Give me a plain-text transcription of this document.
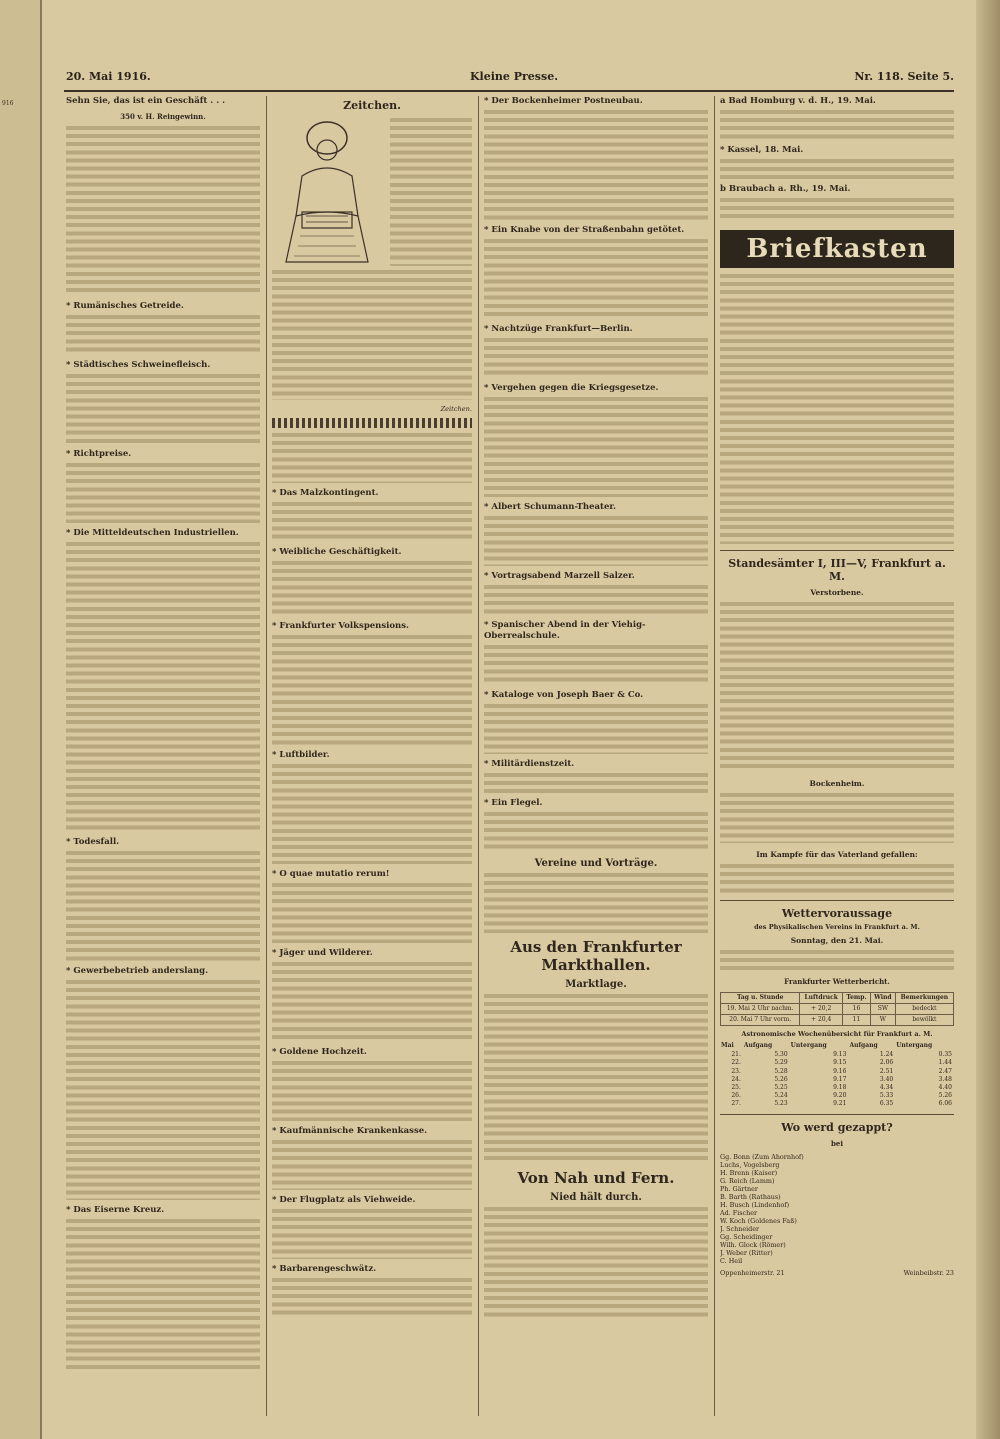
916
20. Mai 1916.	Kleine Presse.	Nr. 118. Seite 5.
Sehn Sie, das ist ein Geschäft . . .
350 v. H. Reingewinn.
* Rumänisches Getreide.
* Städtisches Schweinefleisch.
* Richtpreise.
* Die Mitteldeutschen Industriellen.
* Todesfall.
* Gewerbebetrieb anderslang.
* Das Eiserne Kreuz.
Zeitchen.
Zeitchen.
* Das Malzkontingent.
* Weibliche Geschäftigkeit.
* Frankfurter Volkspensions.
* Luftbilder.
* O quae mutatio rerum!
* Jäger und Wilderer.
* Goldene Hochzeit.
* Kaufmännische Krankenkasse.
* Der Flugplatz als Viehweide.
* Barbarengeschwätz.
* Der Bockenheimer Postneubau.
* Ein Knabe von der Straßenbahn getötet.
* Nachtzüge Frankfurt—Berlin.
* Vergehen gegen die Kriegsgesetze.
* Albert Schumann-Theater.
* Vortragsabend Marzell Salzer.
* Spanischer Abend in der Viehig-Oberrealschule.
* Kataloge von Joseph Baer & Co.
* Militärdienstzeit.
* Ein Flegel.
Vereine und Vorträge.
Aus den Frankfurter Markthallen.
Marktlage.
Von Nah und Fern.
Nied hält durch.
a Bad Homburg v. d. H., 19. Mai.
* Kassel, 18. Mai.
b Braubach a. Rh., 19. Mai.
Briefkasten
Standesämter I, III—V, Frankfurt a. M.
Verstorbene.
Bockenheim.
Im Kampfe für das Vaterland gefallen:
Wettervoraussage
des Physikalischen Vereins in Frankfurt a. M.
Sonntag, den 21. Mai.
Frankfurter Wetterbericht.
Tag u. Stunde	Luftdruck	Temp.	Wind	Bemerkungen
19. Mai 2 Uhr nachm.	+ 20,2	16	SW	bedeckt
20. Mai 7 Uhr vorm.	+ 20,4	11	W	bewölkt
Astronomische Wochenübersicht für Frankfurt a. M.
Mai	Aufgang	Untergang	Aufgang	Untergang
21.	5.30	9.13	1.24	0.35
22.	5.29	9.15	2.06	1.44
23.	5.28	9.16	2.51	2.47
24.	5.26	9.17	3.40	3.48
25.	5.25	9.18	4.34	4.40
26.	5.24	9.20	5.33	5.26
27.	5.23	9.21	6.35	6.06
Wo werd gezappt?
bei

Gg. Bonn (Zum Ahornhof)

Luchs, Vogelsberg

H. Brenn (Kaiser)

G. Reich (Lamm)

Ph. Gärtner

B. Barth (Rathaus)

H. Busch (Lindenhof)

Ad. Fischer

W. Koch (Goldenes Faß)

J. Schneider

Gg. Scheidinger

Wilh. Glock (Römer)

J. Weber (Ritter)

C. Heil

Oppenheimerstr. 21	Weinbeibstr. 23
